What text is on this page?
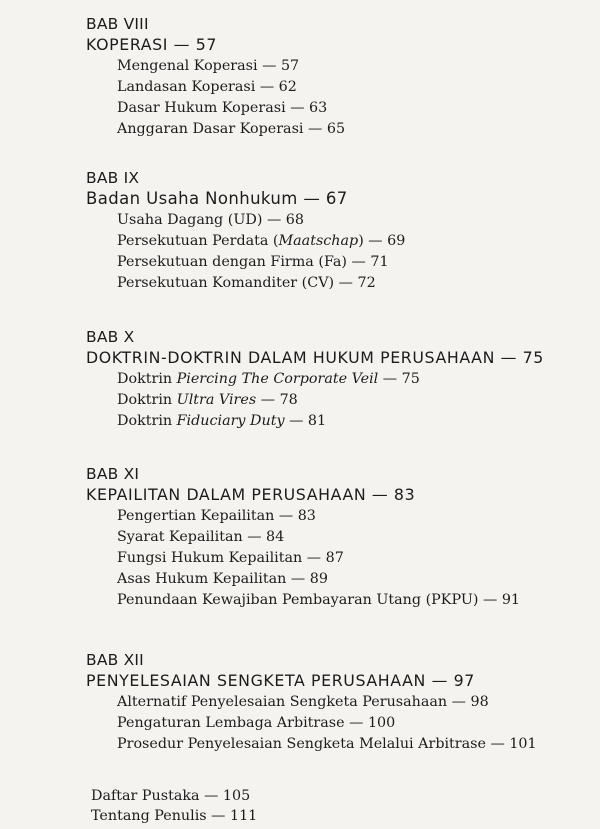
BAB VIII
KOPERASI — 57
Mengenal Koperasi — 57
Landasan Koperasi — 62
Dasar Hukum Koperasi — 63
Anggaran Dasar Koperasi — 65
BAB IX
Badan Usaha Nonhukum — 67
Usaha Dagang (UD) — 68
Persekutuan Perdata (Maatschap) — 69
Persekutuan dengan Firma (Fa) — 71
Persekutuan Komanditer (CV) — 72
BAB X
DOKTRIN-DOKTRIN DALAM HUKUM PERUSAHAAN — 75
Doktrin Piercing The Corporate Veil — 75
Doktrin Ultra Vires — 78
Doktrin Fiduciary Duty — 81
BAB XI
KEPAILITAN DALAM PERUSAHAAN — 83
Pengertian Kepailitan — 83
Syarat Kepailitan — 84
Fungsi Hukum Kepailitan — 87
Asas Hukum Kepailitan — 89
Penundaan Kewajiban Pembayaran Utang (PKPU) — 91
BAB XII
PENYELESAIAN SENGKETA PERUSAHAAN — 97
Alternatif Penyelesaian Sengketa Perusahaan — 98
Pengaturan Lembaga Arbitrase — 100
Prosedur Penyelesaian Sengketa Melalui Arbitrase — 101
Daftar Pustaka — 105
Tentang Penulis — 111
